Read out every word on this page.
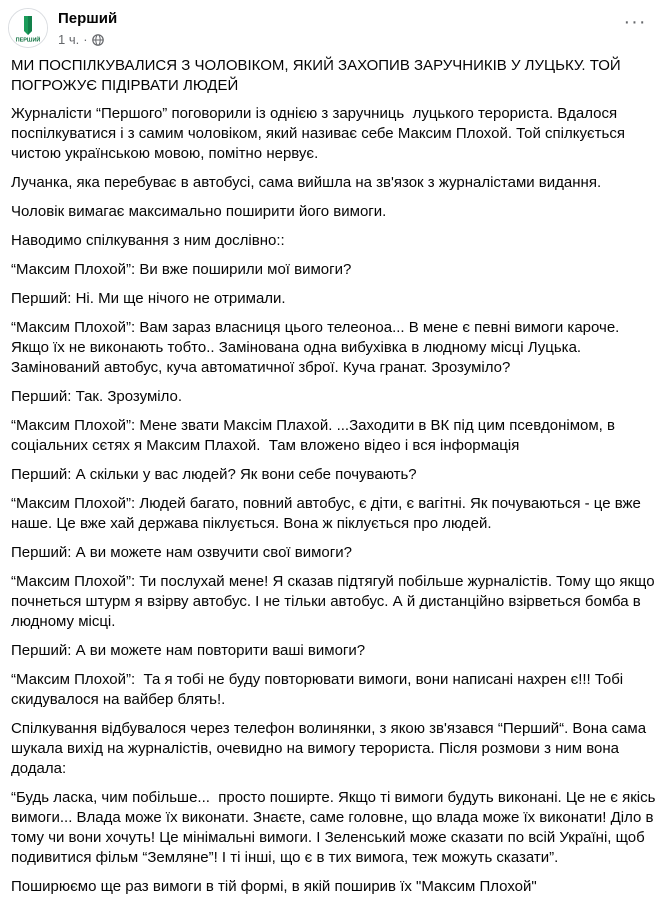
ПЕРШИЙ
Перший
1 ч. ·
···

МИ ПОСПІЛКУВАЛИСЯ З ЧОЛОВІКОМ, ЯКИЙ ЗАХОПИВ ЗАРУЧНИКІВ У ЛУЦЬКУ. ТОЙ ПОГРОЖУЄ ПІДІРВАТИ ЛЮДЕЙ

Журналісти “Першого” поговорили із однією з заручниць  луцького терориста. Вдалося поспілкуватися і з самим чоловіком, який називає себе Максим Плохой. Той спілкується чистою українською мовою, помітно нервує.

Лучанка, яка перебуває в автобусі, сама вийшла на зв'язок з журналістами видання.

Чоловік вимагає максимально поширити його вимоги.

Наводимо спілкування з ним дослівно::

“Максим Плохой”: Ви вже поширили мої вимоги?

Перший: Ні. Ми ще нічого не отримали.

“Максим Плохой”: Вам зараз власниця цього телеоноа... В мене є певні вимоги кароче. Якщо їх не виконають тобто.. Замінована одна вибухівка в людному місці Луцька. Замінований автобус, куча автоматичної зброї. Куча гранат. Зрозуміло?

Перший: Так. Зрозуміло.

“Максим Плохой”: Мене звати Максім Плахой. ...Заходити в ВК під цим псевдонімом, в соціальних сєтях я Максим Плахой.  Там вложено відео і вся інформація

Перший: А скільки у вас людей? Як вони себе почувають?

“Максим Плохой”: Людей багато, повний автобус, є діти, є вагітні. Як почуваються - це вже наше. Це вже хай держава піклується. Вона ж піклується про людей.

Перший: А ви можете нам озвучити свої вимоги?

“Максим Плохой”: Ти послухай мене! Я сказав підтягуй побільше журналістів. Тому що якщо почнеться штурм я взірву автобус. І не тільки автобус. А й дистанційно взірветься бомба в людному місці.

Перший: А ви можете нам повторити ваші вимоги?

“Максим Плохой”:  Та я тобі не буду повторювати вимоги, вони написані нахрен є!!! Тобі скидувалося на вайбер блять!.

Спілкування відбувалося через телефон волинянки, з якою зв'язався “Перший“. Вона сама шукала вихід на журналістів, очевидно на вимогу терориста. Після розмови з ним вона додала:

“Будь ласка, чим побільше...  просто поширте. Якщо ті вимоги будуть виконані. Це не є якісь вимоги... Влада може їх виконати. Знаєте, саме головне, що влада може їх виконати! Діло в тому чи вони хочуть! Це мінімальні вимоги. І Зеленський може сказати по всій Україні, щоб подивитися фільм “Земляне”! І ті інші, що є в тих вимога, теж можуть сказати”.

Поширюємо ще раз вимоги в тій формі, в якій поширив їх "Максим Плохой"
